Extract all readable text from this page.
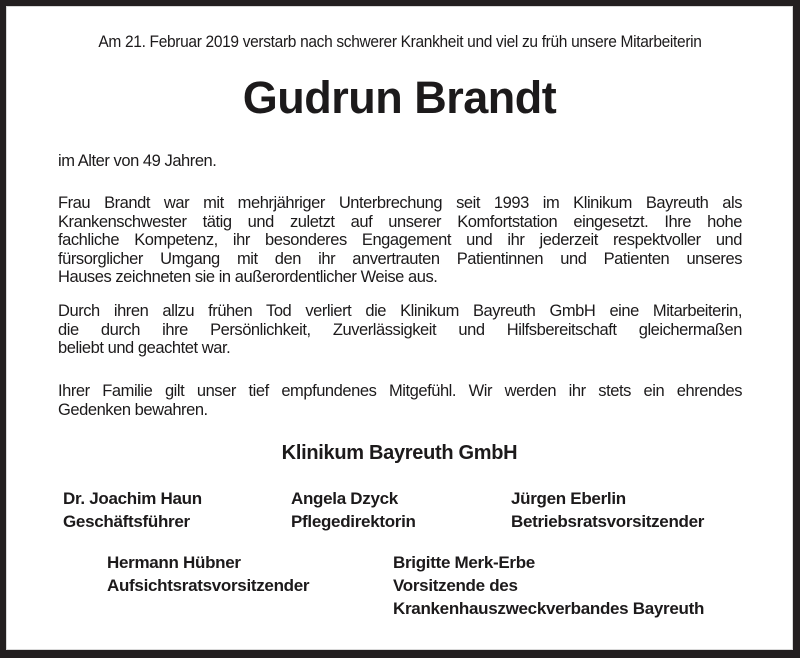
Am 21. Februar 2019 verstarb nach schwerer Krankheit und viel zu früh unsere Mitarbeiterin
Gudrun Brandt
im Alter von 49 Jahren.
Frau Brandt war mit mehrjähriger Unterbrechung seit 1993 im Klinikum Bayreuth als
Krankenschwester tätig und zuletzt auf unserer Komfortstation eingesetzt. Ihre hohe
fachliche Kompetenz, ihr besonderes Engagement und ihr jederzeit respektvoller und
fürsorglicher Umgang mit den ihr anvertrauten Patientinnen und Patienten unseres
Hauses zeichneten sie in außerordentlicher Weise aus.
Durch ihren allzu frühen Tod verliert die Klinikum Bayreuth GmbH eine Mitarbeiterin,
die durch ihre Persönlichkeit, Zuverlässigkeit und Hilfsbereitschaft gleichermaßen
beliebt und geachtet war.
Ihrer Familie gilt unser tief empfundenes Mitgefühl. Wir werden ihr stets ein ehrendes
Gedenken bewahren.
Klinikum Bayreuth GmbH
Dr. Joachim Haun
Geschäftsführer
Angela Dzyck
Pflegedirektorin
Jürgen Eberlin
Betriebsratsvorsitzender
Hermann Hübner
Aufsichtsratsvorsitzender
Brigitte Merk-Erbe
Vorsitzende des
Krankenhauszweckverbandes Bayreuth
